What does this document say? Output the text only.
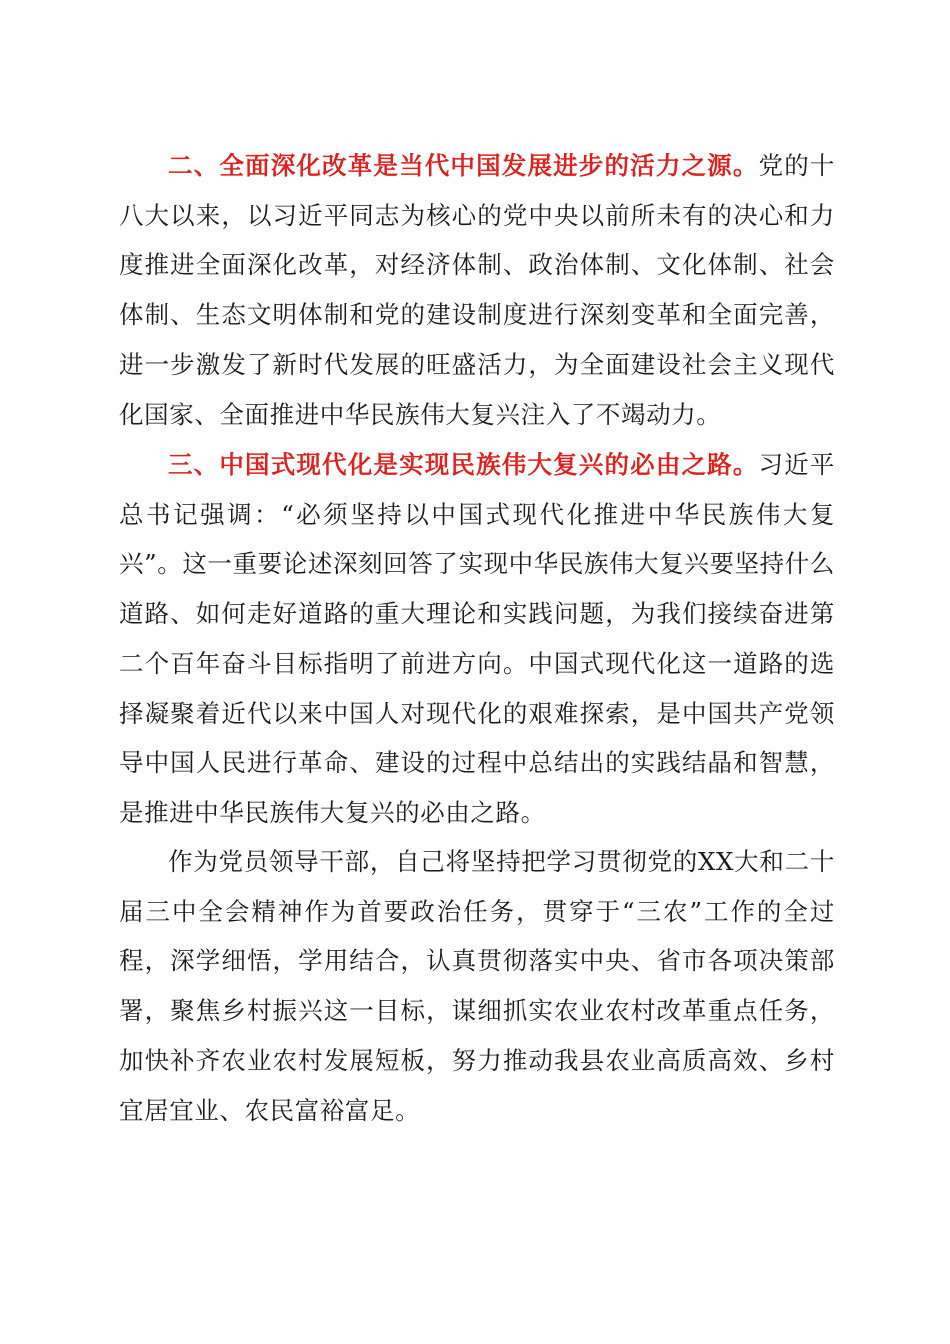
二、全面深化改革是当代中国发展进步的活力之源。党的十八大以来，以习近平同志为核心的党中央以前所未有的决心和力度推进全面深化改革，对经济体制、政治体制、文化体制、社会体制、生态文明体制和党的建设制度进行深刻变革和全面完善，进一步激发了新时代发展的旺盛活力，为全面建设社会主义现代化国家、全面推进中华民族伟大复兴注入了不竭动力。

三、中国式现代化是实现民族伟大复兴的必由之路。习近平总书记强调：“必须坚持以中国式现代化推进中华民族伟大复兴”。这一重要论述深刻回答了实现中华民族伟大复兴要坚持什么道路、如何走好道路的重大理论和实践问题，为我们接续奋进第二个百年奋斗目标指明了前进方向。中国式现代化这一道路的选择凝聚着近代以来中国人对现代化的艰难探索，是中国共产党领导中国人民进行革命、建设的过程中总结出的实践结晶和智慧，是推进中华民族伟大复兴的必由之路。

作为党员领导干部，自己将坚持把学习贯彻党的XX大和二十届三中全会精神作为首要政治任务，贯穿于“三农”工作的全过程，深学细悟，学用结合，认真贯彻落实中央、省市各项决策部署，聚焦乡村振兴这一目标，谋细抓实农业农村改革重点任务，加快补齐农业农村发展短板，努力推动我县农业高质高效、乡村宜居宜业、农民富裕富足。
